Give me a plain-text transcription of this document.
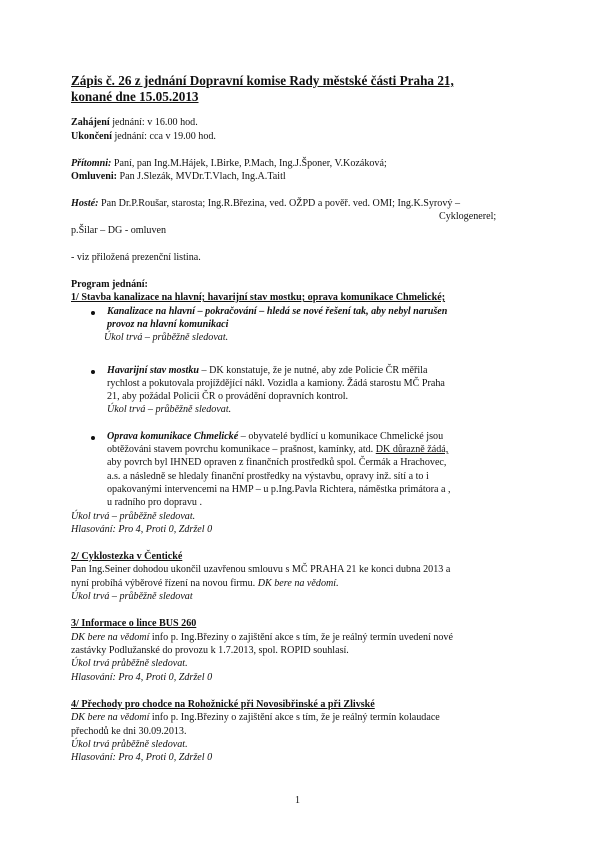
Zápis č. 26 z jednání Dopravní komise Rady městské části Praha 21,
konané dne 15.05.2013
Zahájení jednání: v 16.00 hod.
Ukončení jednání: cca v 19.00 hod.
Přítomni: Paní, pan Ing.M.Hájek, I.Birke, P.Mach, Ing.J.Šponer, V.Kozáková;
Omluveni: Pan J.Slezák, MVDr.T.Vlach, Ing.A.Taitl
Hosté: Pan Dr.P.Roušar, starosta; Ing.R.Březina, ved. OŽPD a pověř. ved. OMI; Ing.K.Syrový –
Cyklogenerel;
p.Šilar – DG - omluven
- viz přiložená prezenční listina.
Program jednání:
1/ Stavba kanalizace na hlavní; havarijní stav mostku; oprava komunikace Chmelické;
Kanalizace na hlavní – pokračování – hledá se nové řešení tak, aby nebyl narušen
provoz na hlavní komunikaci
Úkol trvá – průběžně sledovat.
Havarijní stav mostku – DK konstatuje, že je nutné, aby zde Policie ČR měřila
rychlost a pokutovala projíždějící nákl. Vozidla a kamiony. Žádá starostu MČ Praha
21, aby požádal Policii ČR o provádění dopravních kontrol.
Úkol trvá – průběžně sledovat.
Oprava komunikace Chmelické – obyvatelé bydlící u komunikace Chmelické jsou
obtěžováni stavem povrchu komunikace – prašnost, kamínky, atd. DK důrazně žádá,
aby povrch byl IHNED opraven z finančních prostředků spol. Čermák a Hrachovec,
a.s. a následně se hledaly finanční prostředky na výstavbu, opravy inž. sítí a to i
opakovanými intervencemi na HMP – u p.Ing.Pavla Richtera, náměstka primátora a ,
u radního pro dopravu .
Úkol trvá – průběžně sledovat.
Hlasování: Pro 4, Proti 0, Zdržel 0
2/ Cyklostezka v Čentické
Pan Ing.Seiner dohodou ukončil uzavřenou smlouvu s MČ PRAHA 21 ke konci dubna 2013 a
nyní probíhá výběrové řízení na novou firmu. DK bere na vědomí.
Úkol trvá – průběžně sledovat
3/ Informace o lince BUS 260
DK bere na vědomí info p. Ing.Březiny o zajištění akce s tím, že je reálný termín uvedení nové
zastávky Podlužanské do provozu k 1.7.2013, spol. ROPID souhlasí.
Úkol trvá průběžně sledovat.
Hlasování: Pro 4, Proti 0, Zdržel 0
4/ Přechody pro chodce na Rohožnické při Novosibřinské a při Zlivské
DK bere na vědomí info p. Ing.Březiny o zajištění akce s tím, že je reálný termín kolaudace
přechodů ke dni 30.09.2013.
Úkol trvá průběžně sledovat.
Hlasování: Pro 4, Proti 0, Zdržel 0
1
